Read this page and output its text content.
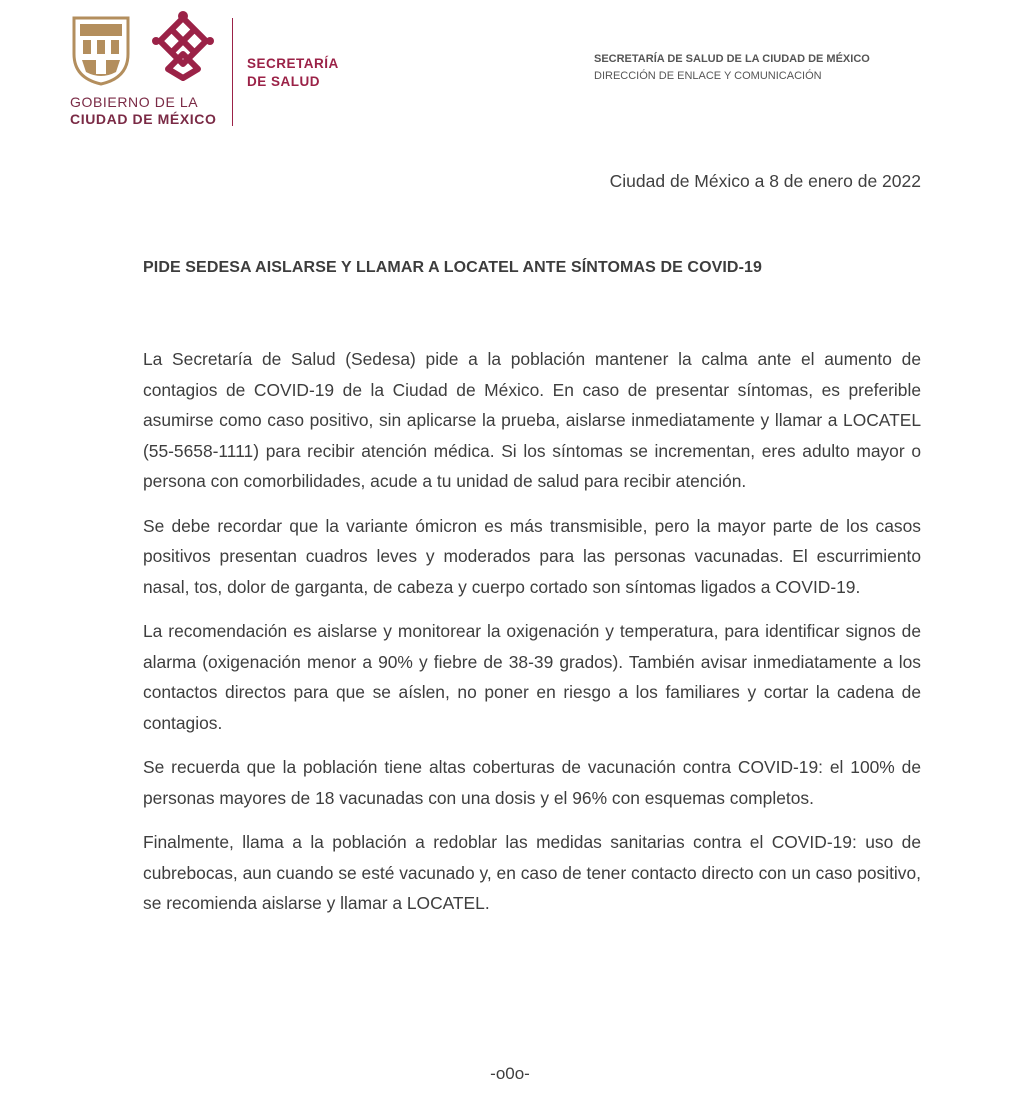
GOBIERNO DE LA
CIUDAD DE MÉXICO
SECRETARÍA
DE SALUD
SECRETARÍA DE SALUD DE LA CIUDAD DE MÉXICO
DIRECCIÓN DE ENLACE Y COMUNICACIÓN
Ciudad de México a 8 de enero de 2022
PIDE SEDESA AISLARSE Y LLAMAR A LOCATEL ANTE SÍNTOMAS DE COVID-19

La Secretaría de Salud (Sedesa) pide a la población mantener la calma ante el aumento de contagios de COVID-19 de la Ciudad de México. En caso de presentar síntomas, es preferible asumirse como caso positivo, sin aplicarse la prueba, aislarse inmediatamente y llamar a LOCATEL (55-5658-1111) para recibir atención médica. Si los síntomas se incrementan, eres adulto mayor o persona con comorbilidades, acude a tu unidad de salud para recibir atención.

Se debe recordar que la variante ómicron es más transmisible, pero la mayor parte de los casos positivos presentan cuadros leves y moderados para las personas vacunadas. El escurrimiento nasal, tos, dolor de garganta, de cabeza y cuerpo cortado son síntomas ligados a COVID-19.

La recomendación es aislarse y monitorear la oxigenación y temperatura, para identificar signos de alarma (oxigenación menor a 90% y fiebre de 38-39 grados). También avisar inmediatamente a los contactos directos para que se aíslen, no poner en riesgo a los familiares y cortar la cadena de contagios.

Se recuerda que la población tiene altas coberturas de vacunación contra COVID-19: el 100% de personas mayores de 18 vacunadas con una dosis y el 96% con esquemas completos.

Finalmente, llama a la población a redoblar las medidas sanitarias contra el COVID-19: uso de cubrebocas, aun cuando se esté vacunado y, en caso de tener contacto directo con un caso positivo, se recomienda aislarse y llamar a LOCATEL.

-o0o-
